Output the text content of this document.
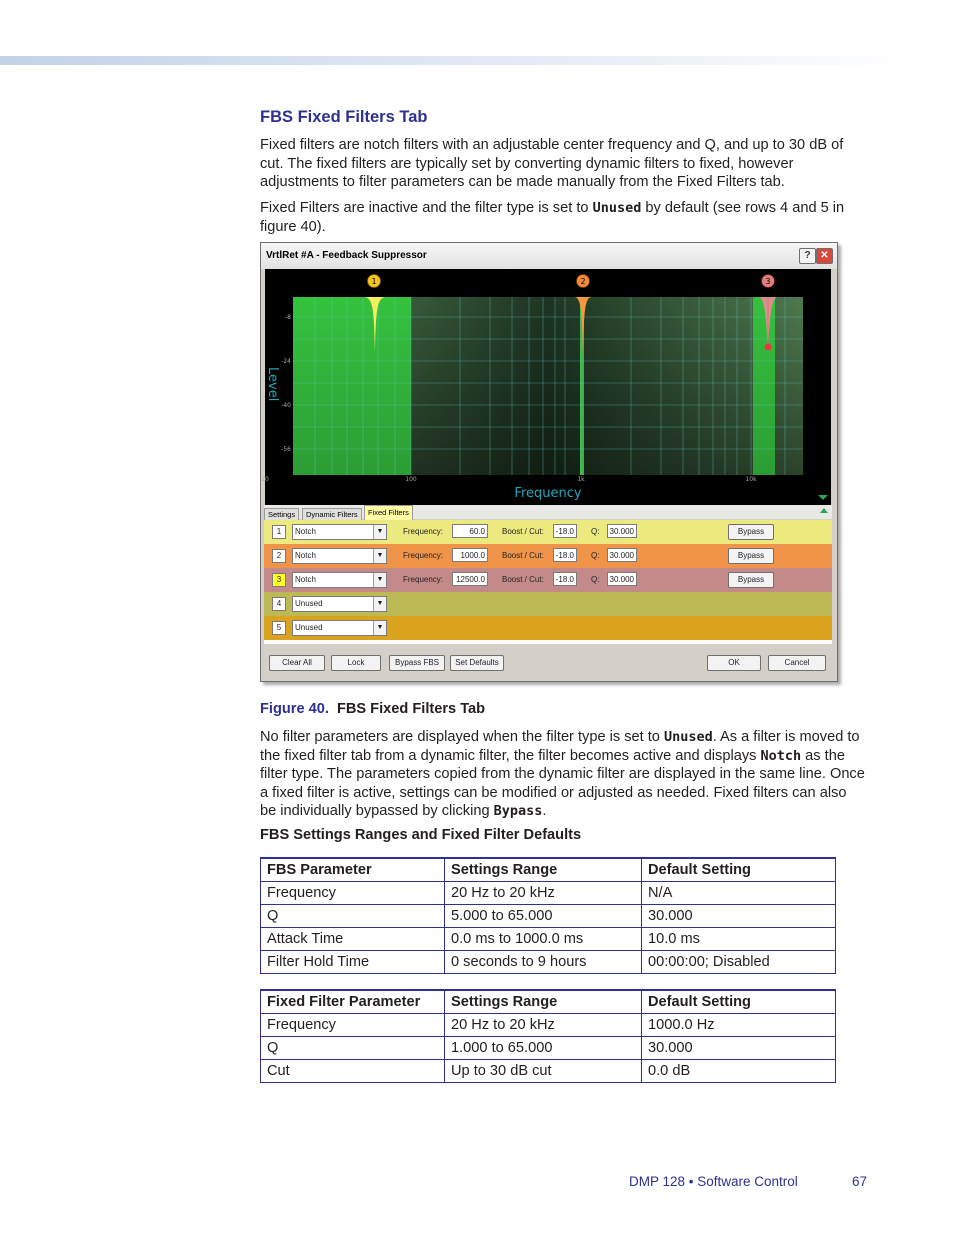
FBS Fixed Filters Tab

Fixed filters are notch filters with an adjustable center frequency and Q, and up to 30 dB of cut. The fixed filters are typically set by converting dynamic filters to fixed, however adjustments to filter parameters can be made manually from the Fixed Filters tab.

Fixed Filters are inactive and the filter type is set to Unused by default (see rows 4 and 5 in figure 40).

VrtlRet #A - Feedback Suppressor	? ✕
1	2	3
-8
-24
-40
-56
20	100	1k	10k
Level
Frequency
Settings	Dynamic Filters	Fixed Filters
1	Notch	▼	Frequency:	60.0	Boost / Cut:	-18.0	Q:	30.000	Bypass
2	Notch	▼	Frequency:	1000.0	Boost / Cut:	-18.0	Q:	30.000	Bypass
3	Notch	▼	Frequency:	12500.0	Boost / Cut:	-18.0	Q:	30.000	Bypass
4	Unused	▼
5	Unused	▼
Clear All	Lock	Bypass FBS	Set Defaults	OK	Cancel
Figure 40. FBS Fixed Filters Tab

No filter parameters are displayed when the filter type is set to Unused. As a filter is moved to the fixed filter tab from a dynamic filter, the filter becomes active and displays Notch as the filter type. The parameters copied from the dynamic filter are displayed in the same line. Once a fixed filter is active, settings can be modified or adjusted as needed. Fixed filters can also be individually bypassed by clicking Bypass.

FBS Settings Ranges and Fixed Filter Defaults
FBS Parameter	Settings Range	Default Setting
Frequency	20 Hz to 20 kHz	N/A
Q	5.000 to 65.000	30.000
Attack Time	0.0 ms to 1000.0 ms	10.0 ms
Filter Hold Time	0 seconds to 9 hours	00:00:00; Disabled
Fixed Filter Parameter	Settings Range	Default Setting
Frequency	20 Hz to 20 kHz	1000.0 Hz
Q	1.000 to 65.000	30.000
Cut	Up to 30 dB cut	0.0 dB
DMP 128 • Software Control	67
